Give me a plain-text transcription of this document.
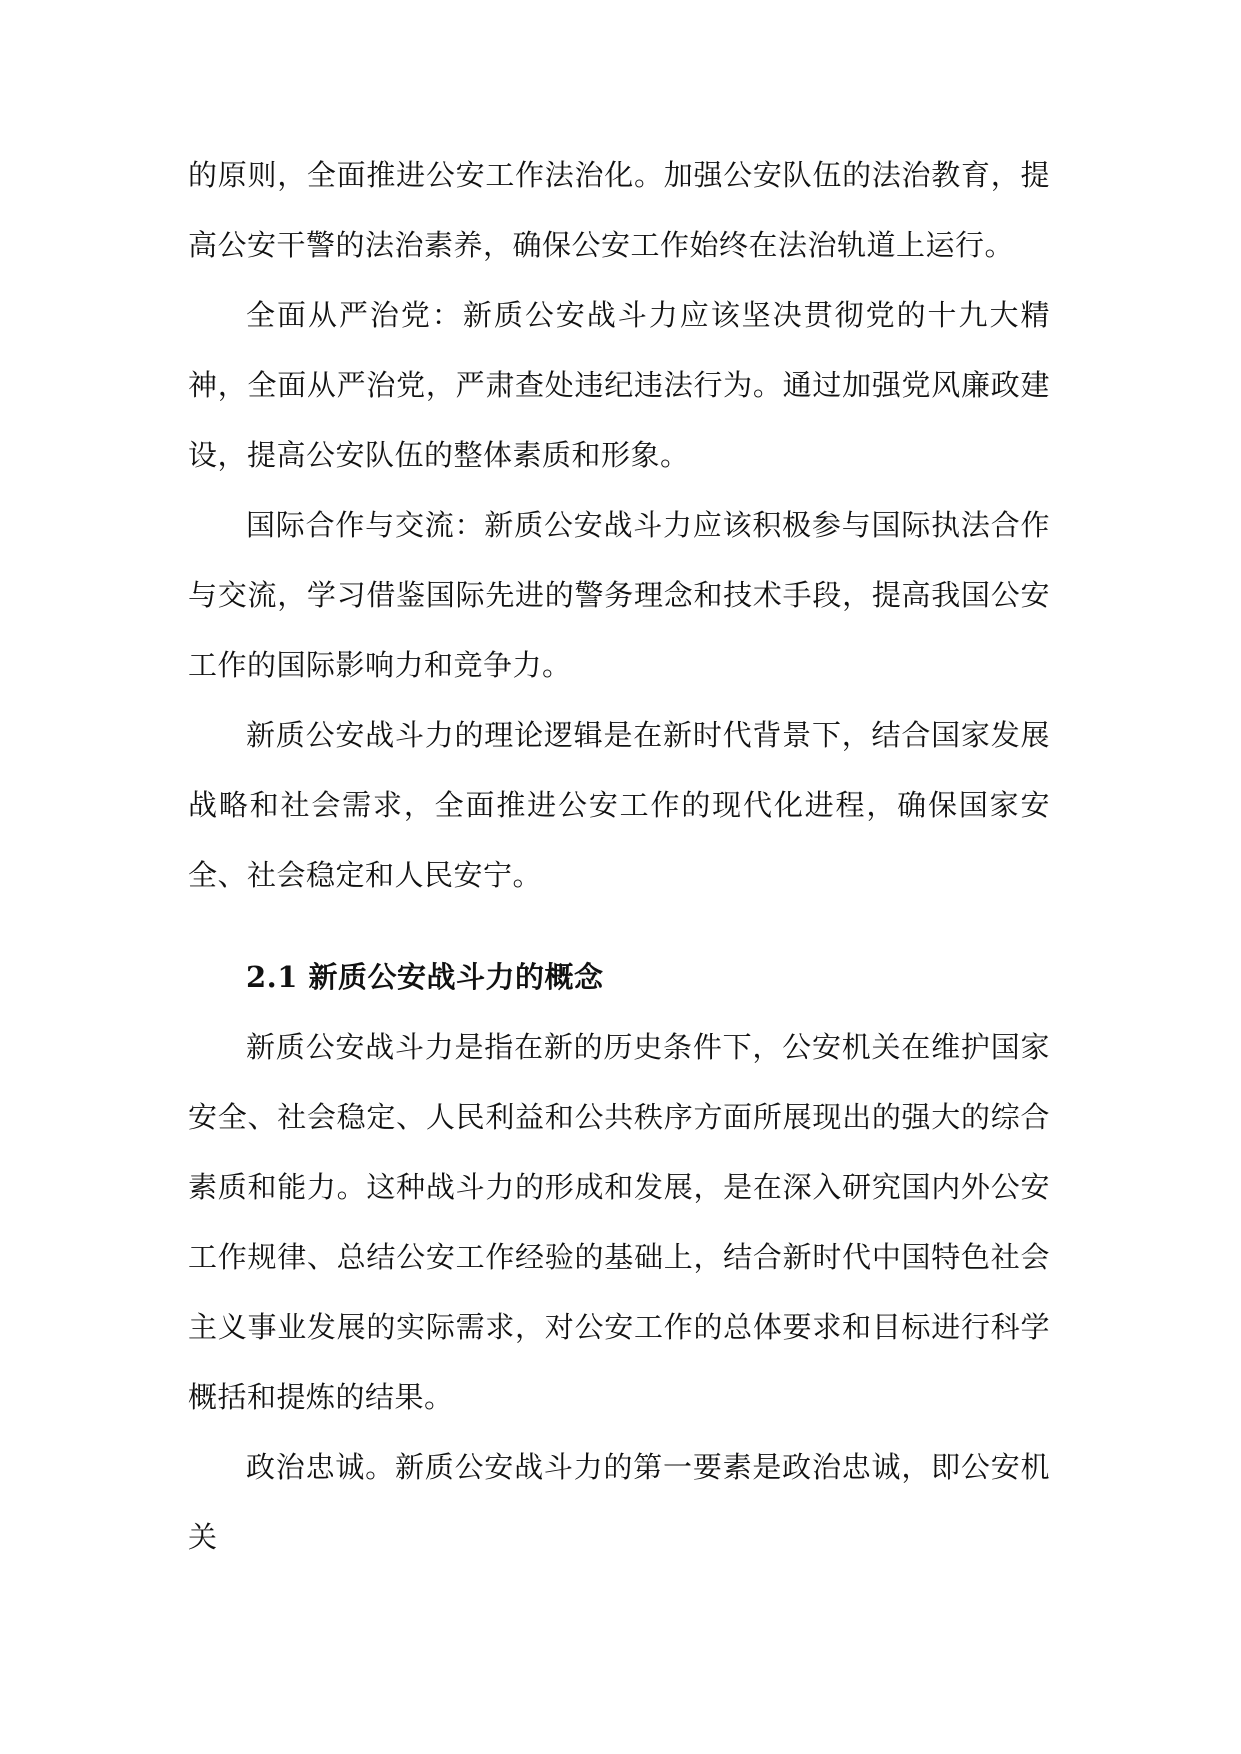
的原则，全面推进公安工作法治化。加强公安队伍的法治教育，提高公安干警的法治素养，确保公安工作始终在法治轨道上运行。

全面从严治党：新质公安战斗力应该坚决贯彻党的十九大精神，全面从严治党，严肃查处违纪违法行为。通过加强党风廉政建设，提高公安队伍的整体素质和形象。

国际合作与交流：新质公安战斗力应该积极参与国际执法合作与交流，学习借鉴国际先进的警务理念和技术手段，提高我国公安工作的国际影响力和竞争力。

新质公安战斗力的理论逻辑是在新时代背景下，结合国家发展战略和社会需求，全面推进公安工作的现代化进程，确保国家安全、社会稳定和人民安宁。

2.1 新质公安战斗力的概念

新质公安战斗力是指在新的历史条件下，公安机关在维护国家安全、社会稳定、人民利益和公共秩序方面所展现出的强大的综合素质和能力。这种战斗力的形成和发展，是在深入研究国内外公安工作规律、总结公安工作经验的基础上，结合新时代中国特色社会主义事业发展的实际需求，对公安工作的总体要求和目标进行科学概括和提炼的结果。

政治忠诚。新质公安战斗力的第一要素是政治忠诚，即公安机关
